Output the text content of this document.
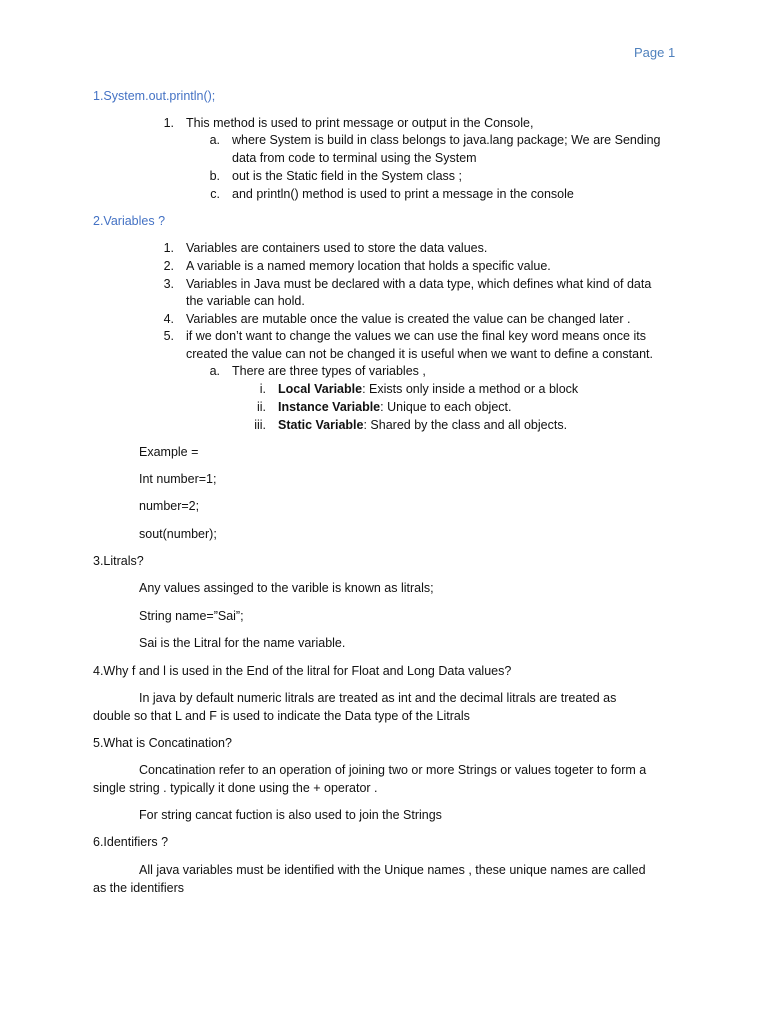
Page 1
1.System.out.println();
1. This method is used to print message or output in the Console,
a. where System is build in class belongs to java.lang package; We are Sending
data from code to terminal using the System
b. out is the Static field in the System class ;
c. and println() method is used to print a message in the console
2.Variables ?
1. Variables are containers used to store the data values.
2. A variable is a named memory location that holds a specific value.
3. Variables in Java must be declared with a data type, which defines what kind of data
the variable can hold.
4. Variables are mutable once the value is created the value can be changed later .
5. if we don’t want to change the values we can use the final key word means once its
created the value can not be changed it is useful when we want to define a constant.
a. There are three types of variables ,
i. Local Variable: Exists only inside a method or a block
ii. Instance Variable: Unique to each object.
iii. Static Variable: Shared by the class and all objects.
Example =
Int number=1;
number=2;
sout(number);
3.Litrals?
Any values assinged to the varible is known as litrals;
String name=”Sai”;
Sai is the Litral for the name variable.
4.Why f and l is used in the End of the litral for Float and Long Data values?
In java by default numeric litrals are treated as int and the decimal litrals are treated as
double so that L and F is used to indicate the Data type of the Litrals
5.What is Concatination?
Concatination refer to an operation of joining two or more Strings or values togeter to form a
single string . typically it done using the + operator .
For string cancat fuction is also used to join the Strings
6.Identifiers ?
All java variables must be identified with the Unique names , these unique names are called
as the identifiers
